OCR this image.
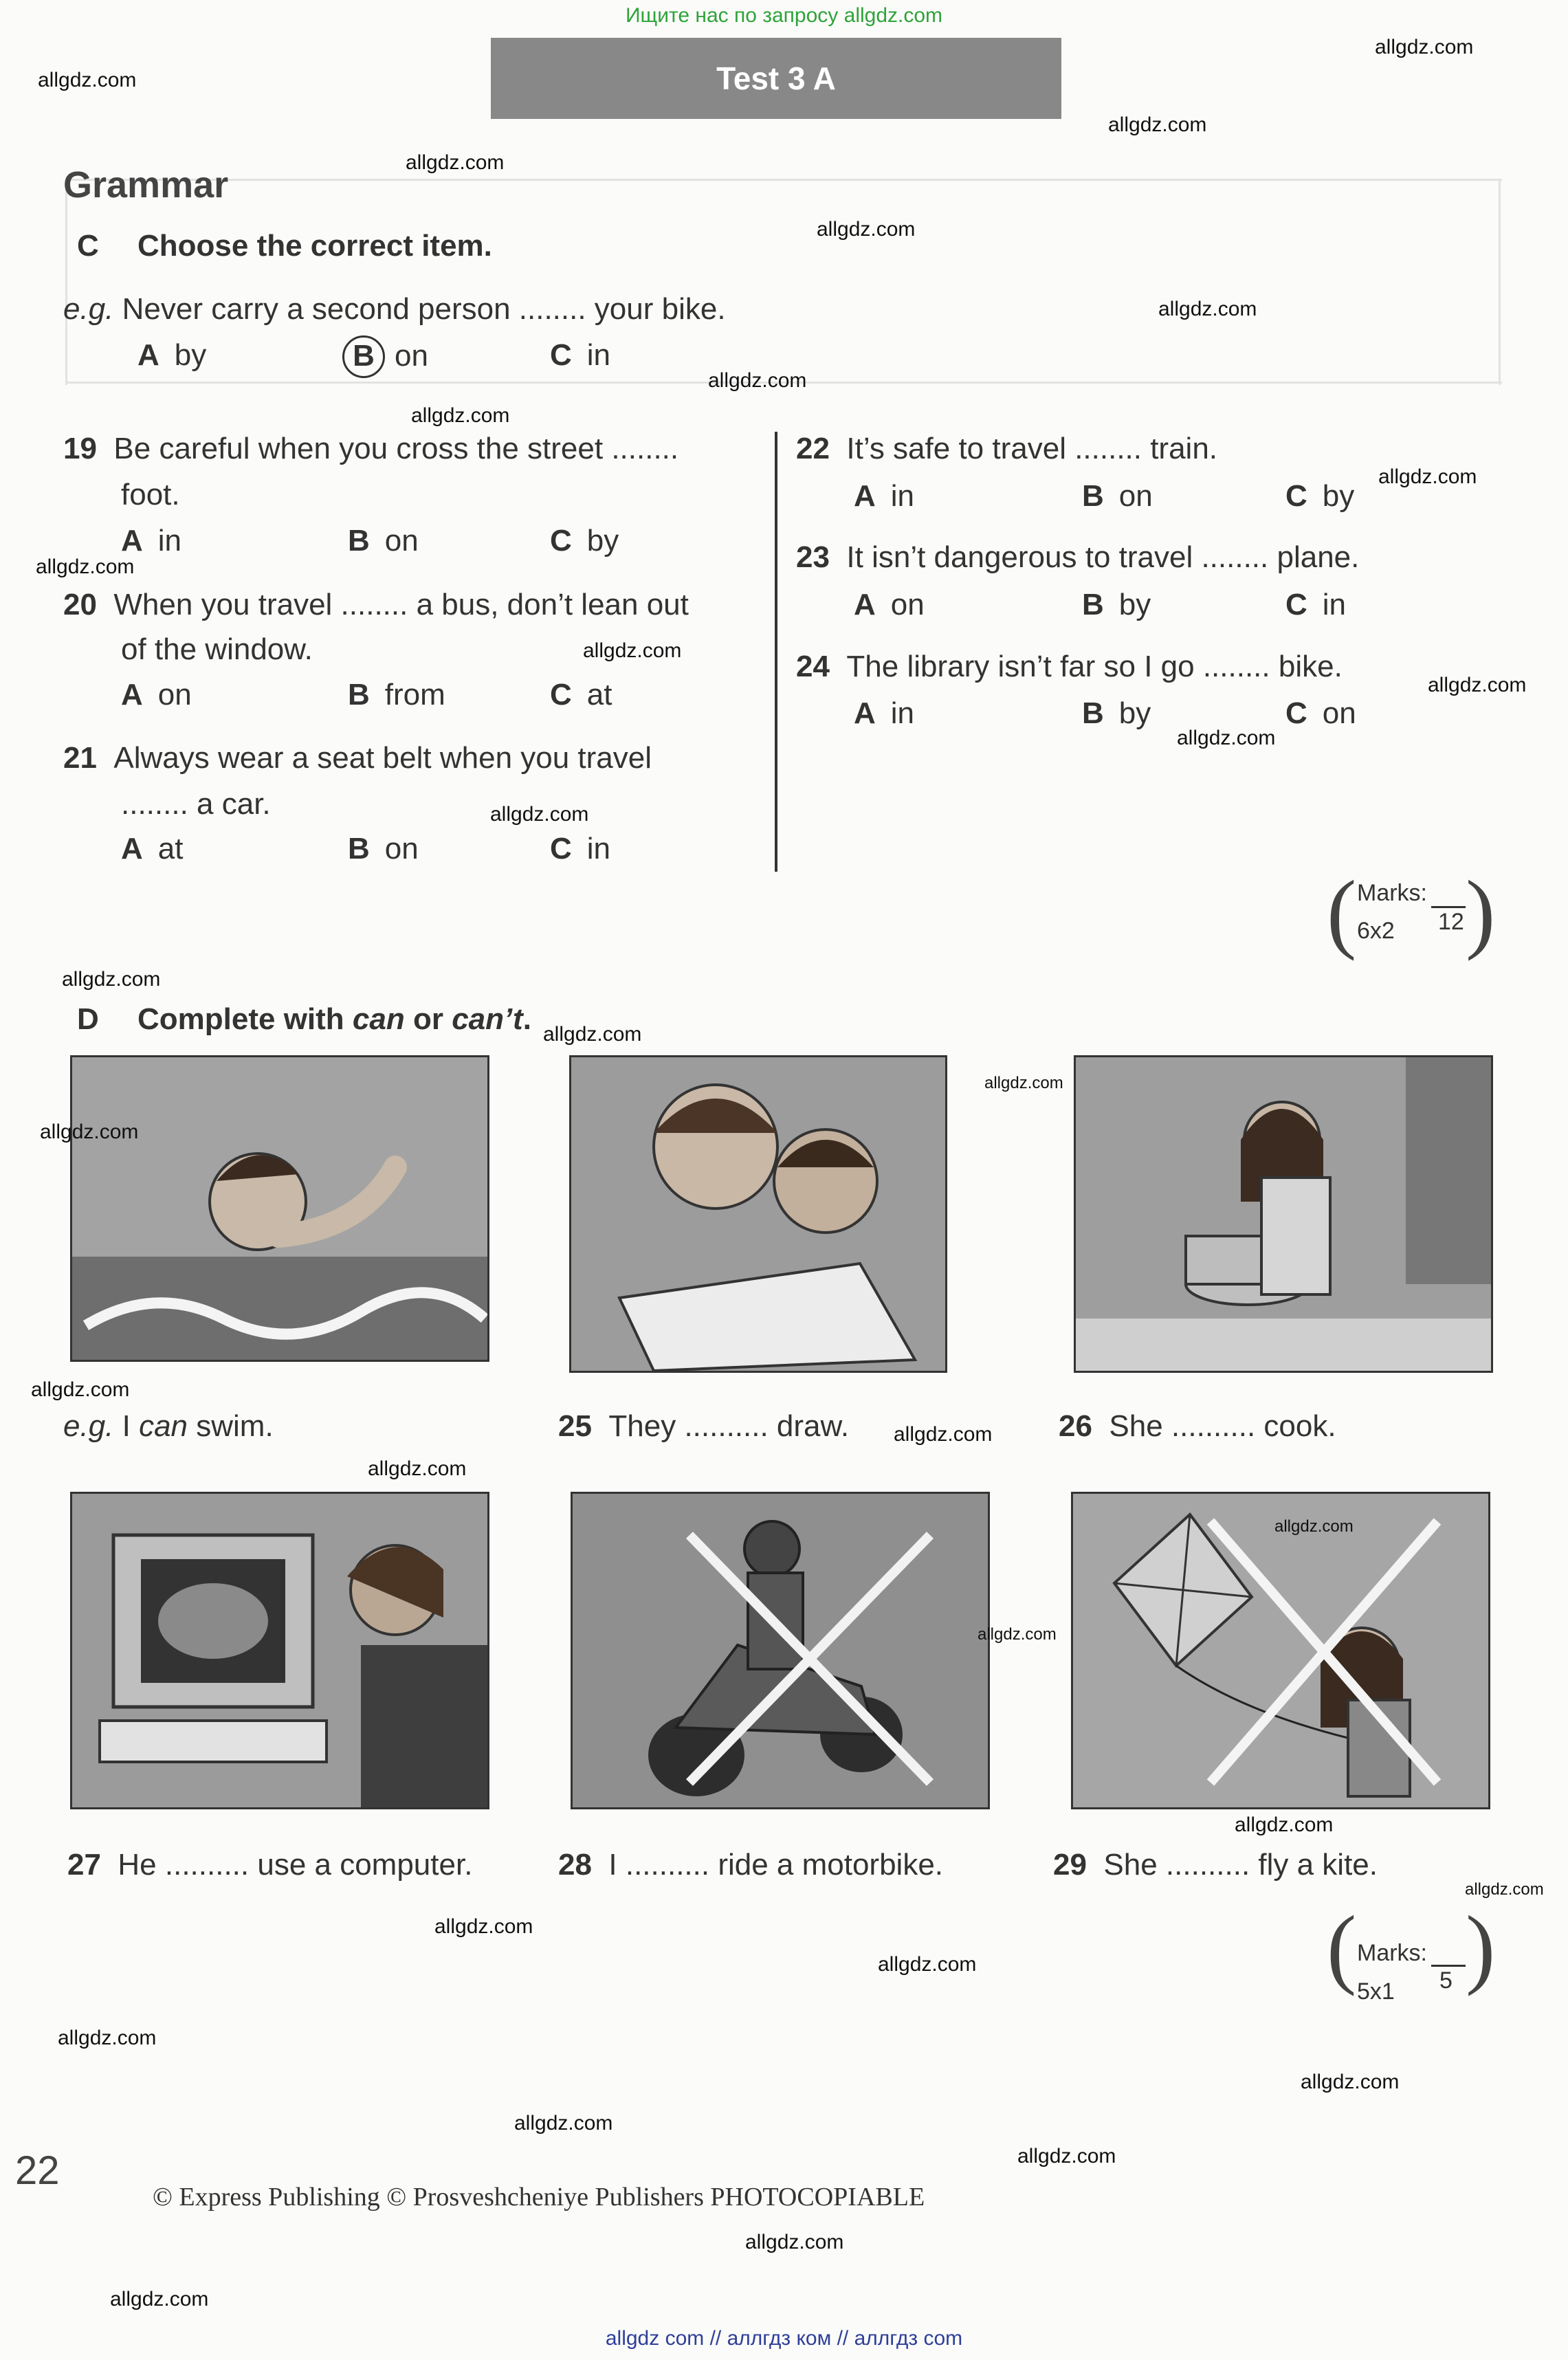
Ищите нас по запросу allgdz.com
Test 3 A
Grammar
C Choose the correct item.
e.g. Never carry a second person ........ your bike.
A by	B on	C in
19 Be careful when you cross the street ........
foot.
A in	B on	C by
20 When you travel ........ a bus, don’t lean out
of the window.
A on	B from	C at
21 Always wear a seat belt when you travel
........ a car.
A at	B on	C in
22 It’s safe to travel ........ train.
A in	B on	C by
23 It isn’t dangerous to travel ........ plane.
A on	B by	C in
24 The library isn’t far so I go ........ bike.
A in	B by	C on
( Marks:
12
6x2 )
D Complete with can or can’t.
e.g. I can swim.	25 They .......... draw.	26 She .......... cook.
27 He .......... use a computer.	28 I .......... ride a motorbike.	29 She .......... fly a kite.
( Marks:
5
5x1 )
22
© Express Publishing © Prosveshcheniye Publishers PHOTOCOPIABLE
allgdz.com
allgdz.com
allgdz.com
allgdz.com
allgdz.com
allgdz.com
allgdz.com
allgdz.com
allgdz.com
allgdz.com
allgdz.com
allgdz.com
allgdz.com
allgdz.com
allgdz.com
allgdz.com
allgdz.com
allgdz.com
allgdz.com
allgdz.com
allgdz.com
allgdz.com
allgdz.com
allgdz.com
allgdz.com
allgdz.com
allgdz.com
allgdz.com
allgdz.com
allgdz.com
allgdz.com
allgdz.com
allgdz.com
allgdz com // аллгдз ком // аллгдз com
